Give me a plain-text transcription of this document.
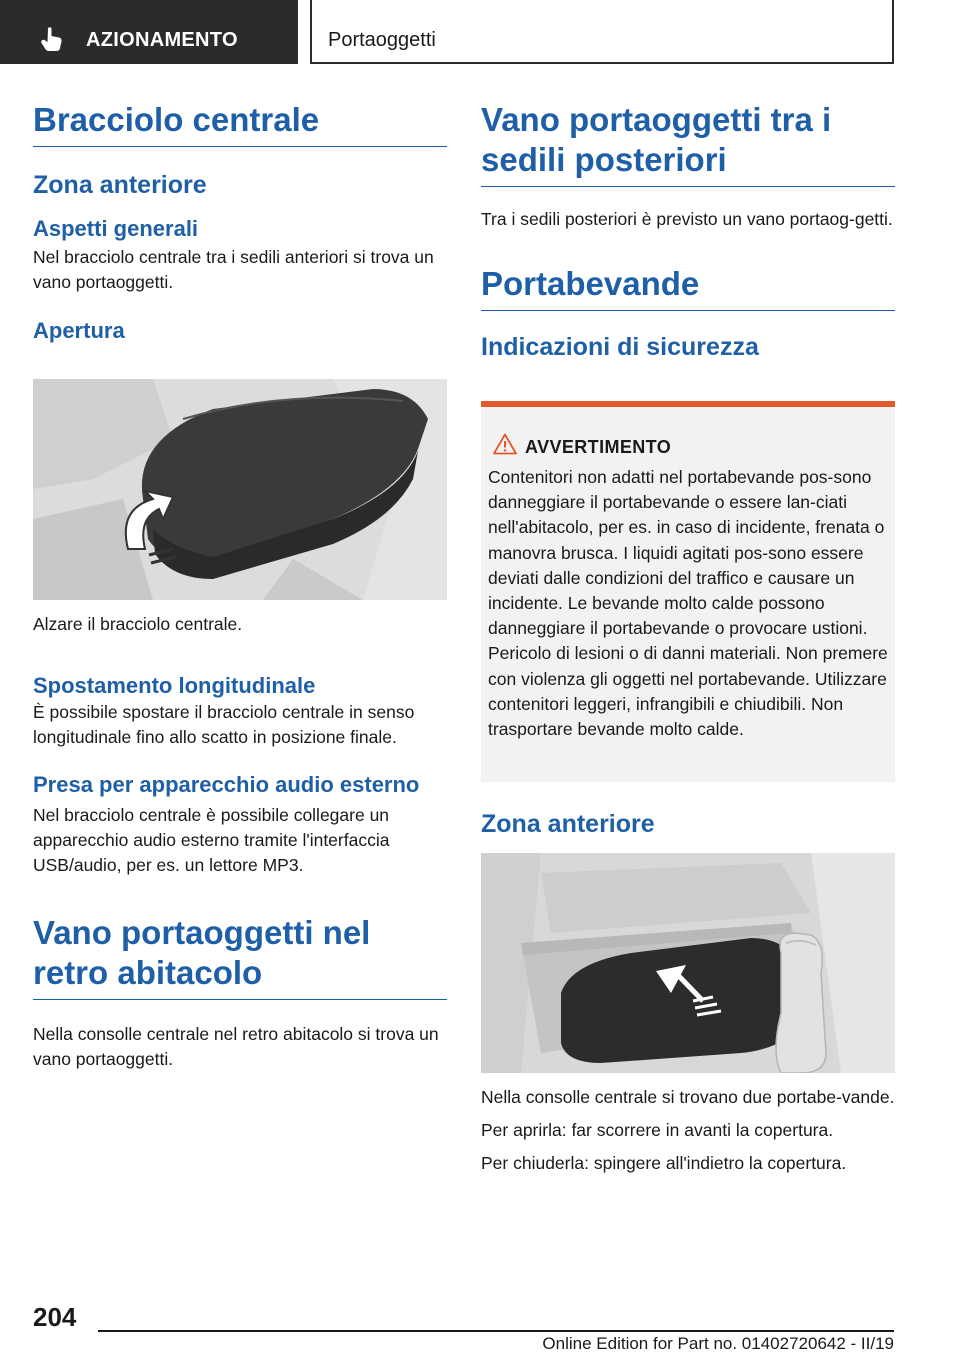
AZIONAMENTO	Portaoggetti
Bracciolo centrale
Zona anteriore
Aspetti generali

Nel bracciolo centrale tra i sedili anteriori si trova un vano portaoggetti.

Apertura

Alzare il bracciolo centrale.

Spostamento longitudinale

È possibile spostare il bracciolo centrale in senso longitudinale fino allo scatto in posizione finale.

Presa per apparecchio audio esterno

Nel bracciolo centrale è possibile collegare un apparecchio audio esterno tramite l'interfaccia USB/audio, per es. un lettore MP3.

Vano portaoggetti nel retro abitacolo

Nella consolle centrale nel retro abitacolo si trova un vano portaoggetti.

Vano portaoggetti tra i sedili posteriori

Tra i sedili posteriori è previsto un vano portaog-getti.

Portabevande
Indicazioni di sicurezza
AVVERTIMENTO
Contenitori non adatti nel portabevande pos-sono danneggiare il portabevande o essere lan-ciati nell'abitacolo, per es. in caso di incidente, frenata o manovra brusca. I liquidi agitati pos-sono essere deviati dalle condizioni del traffico e causare un incidente. Le bevande molto calde possono danneggiare il portabevande o provocare ustioni. Pericolo di lesioni o di danni materiali. Non premere con violenza gli oggetti nel portabevande. Utilizzare contenitori leggeri, infrangibili e chiudibili. Non trasportare bevande molto calde.
Zona anteriore

Nella consolle centrale si trovano due portabe-vande.

Per aprirla: far scorrere in avanti la copertura.

Per chiuderla: spingere all'indietro la copertura.

204
Online Edition for Part no. 01402720642 - II/19
